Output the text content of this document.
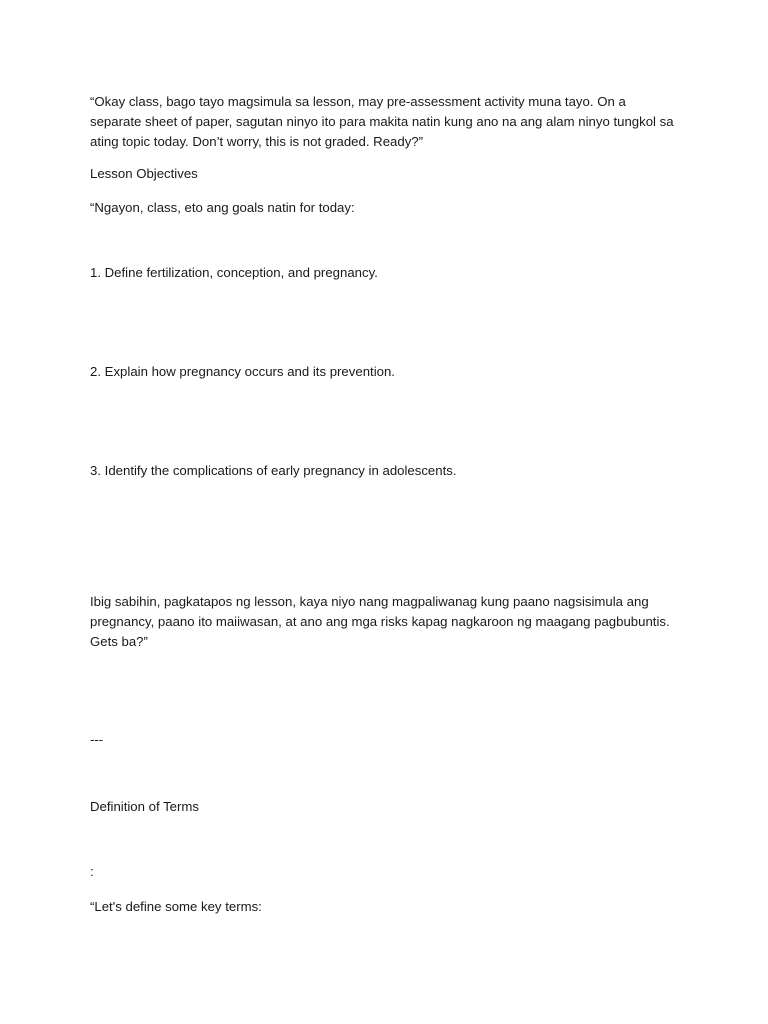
“Okay class, bago tayo magsimula sa lesson, may pre-assessment activity muna tayo. On a separate sheet of paper, sagutan ninyo ito para makita natin kung ano na ang alam ninyo tungkol sa ating topic today. Don’t worry, this is not graded. Ready?”

Lesson Objectives

“Ngayon, class, eto ang goals natin for today:

1. Define fertilization, conception, and pregnancy.

2. Explain how pregnancy occurs and its prevention.

3. Identify the complications of early pregnancy in adolescents.

Ibig sabihin, pagkatapos ng lesson, kaya niyo nang magpaliwanag kung paano nagsisimula ang pregnancy, paano ito maiiwasan, at ano ang mga risks kapag nagkaroon ng maagang pagbubuntis. Gets ba?”

---

Definition of Terms

:

“Let's define some key terms:
